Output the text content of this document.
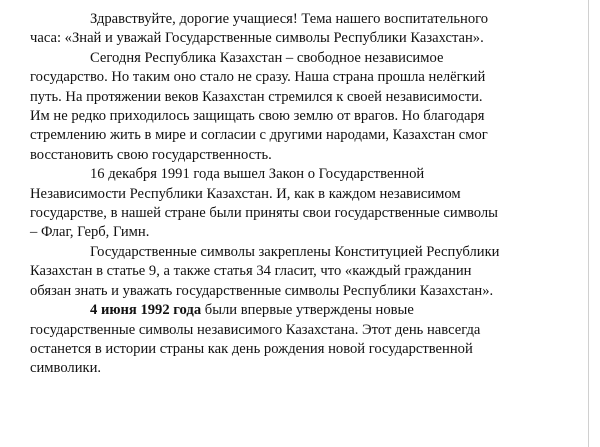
Здравствуйте, дорогие учащиеся! Тема нашего воспитательного
часа: «Знай и уважай Государственные символы Республики Казахстан».

Сегодня Республика Казахстан – свободное независимое
государство. Но таким оно стало не сразу. Наша страна прошла нелёгкий
путь. На протяжении веков Казахстан стремился к своей независимости.
Им не редко приходилось защищать свою землю от врагов. Но благодаря
стремлению жить в мире и согласии с другими народами, Казахстан смог
восстановить свою государственность.

16 декабря 1991 года вышел Закон о Государственной
Независимости Республики Казахстан. И, как в каждом независимом
государстве, в нашей стране были приняты свои государственные символы
– Флаг, Герб, Гимн.

Государственные символы закреплены Конституцией Республики
Казахстан в статье 9, а также статья 34 гласит, что «каждый гражданин
обязан знать и уважать государственные символы Республики Казахстан».

4 июня 1992 года были впервые утверждены новые
государственные символы независимого Казахстана. Этот день навсегда
останется в истории страны как день рождения новой государственной
символики.
